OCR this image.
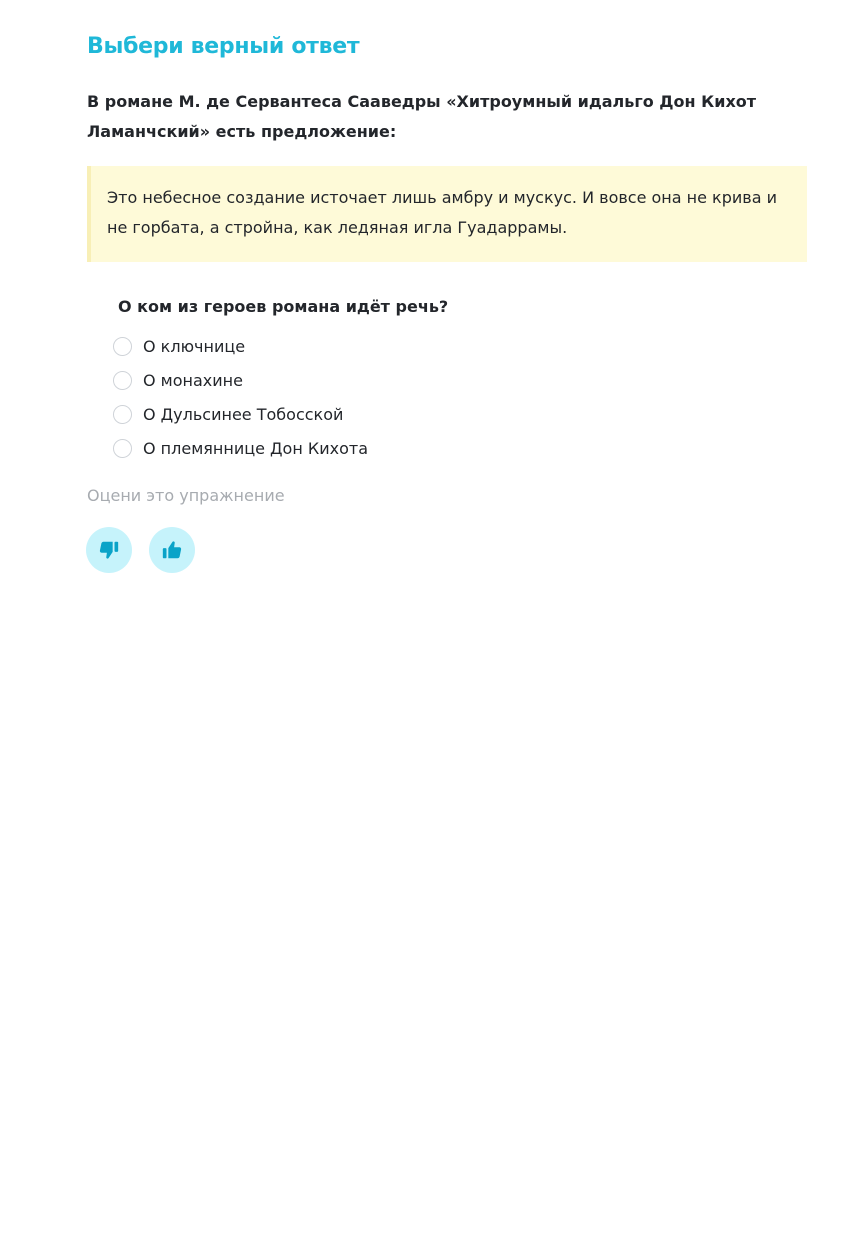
Выбери верный ответ
В романе М. де Сервантеса Сааведры «Хитроумный идальго Дон Кихот Ламанчский» есть предложение:
Это небесное создание источает лишь амбру и мускус. И вовсе она не крива и не горбата, а стройна, как ледяная игла Гуадаррамы.
О ком из героев романа идёт речь?
О ключнице
О монахине
О Дульсинее Тобосской
О племяннице Дон Кихота
Оцени это упражнение
